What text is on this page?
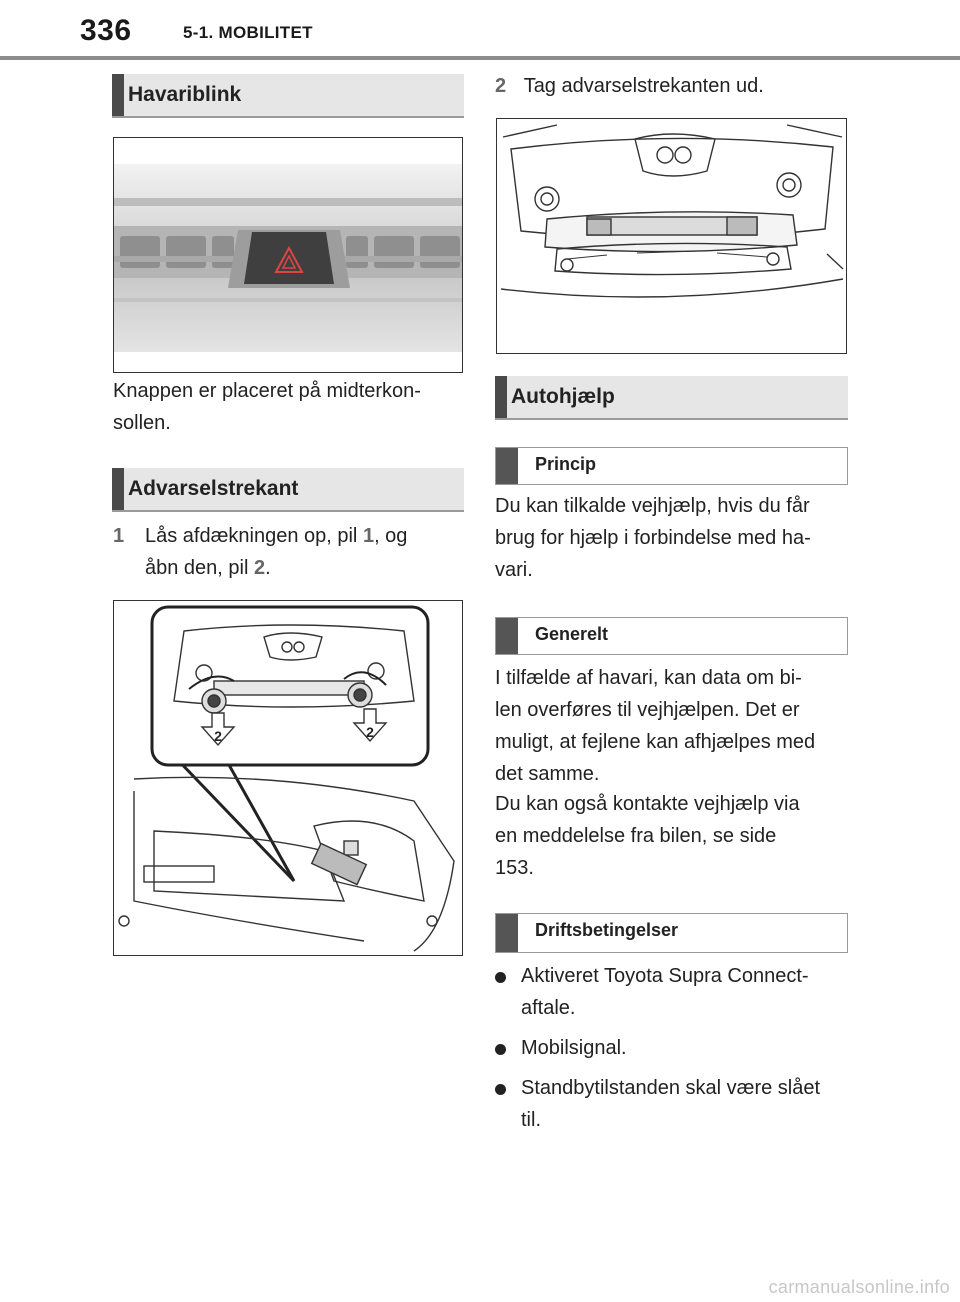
336	5-1. MOBILITET
Havariblink
Knappen er placeret på midterkon-
sollen.
Advarselstrekant
1 Lås afdækningen op, pil 1, og
åbn den, pil 2.
2	2
2 Tag advarselstrekanten ud.
Autohjælp
Princip
Du kan tilkalde vejhjælp, hvis du får
brug for hjælp i forbindelse med ha-
vari.
Generelt
I tilfælde af havari, kan data om bi-
len overføres til vejhjælpen. Det er
muligt, at fejlene kan afhjælpes med
det samme.
Du kan også kontakte vejhjælp via
en meddelelse fra bilen, se side
153.
Driftsbetingelser
Aktiveret Toyota Supra Connect-
aftale.
Mobilsignal.
Standbytilstanden skal være slået
til.
carmanualsonline.info
